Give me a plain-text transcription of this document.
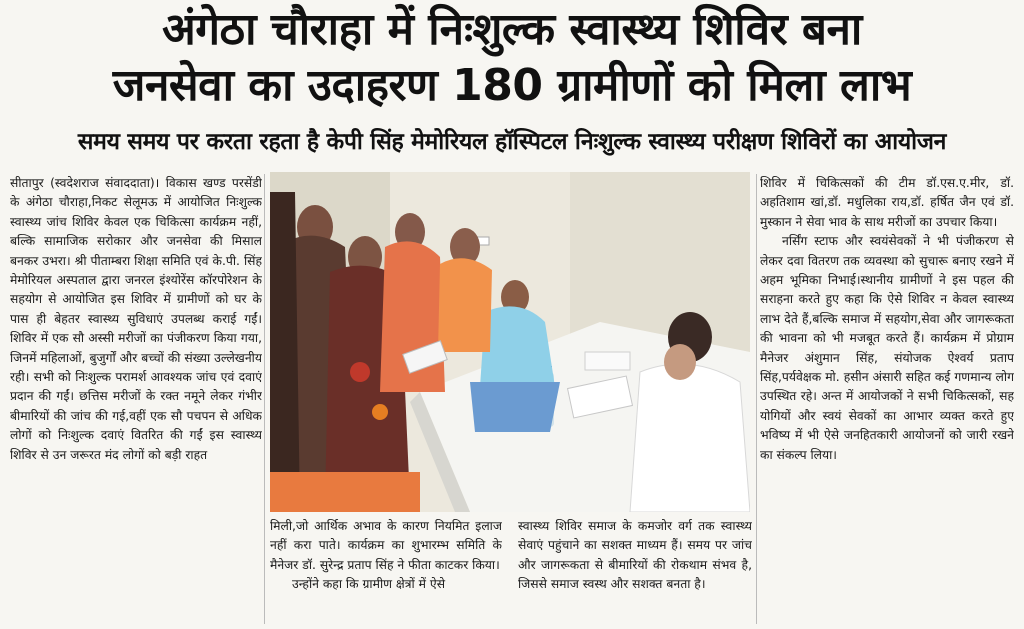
अंगेठा चौराहा में निःशुल्क स्वास्थ्य शिविर बना
जनसेवा का उदाहरण 180 ग्रामीणों को मिला लाभ
समय समय पर करता रहता है केपी सिंह मेमोरियल हॉस्पिटल निःशुल्क स्वास्थ्य परीक्षण शिविरों का आयोजन

सीतापुर (स्वदेशराज संवाददाता)। विकास खण्ड परसेंडी के अंगेठा चौराहा,निकट सेलूमऊ में आयोजित निःशुल्क स्वास्थ्य जांच शिविर केवल एक चिकित्सा कार्यक्रम नहीं, बल्कि सामाजिक सरोकार और जनसेवा की मिसाल बनकर उभरा। श्री पीताम्बरा शिक्षा समिति एवं के.पी. सिंह मेमोरियल अस्पताल द्वारा जनरल इंश्योरेंस कॉरपोरेशन के सहयोग से आयोजित इस शिविर में ग्रामीणों को घर के पास ही बेहतर स्वास्थ्य सुविधाएं उपलब्ध कराई गईं। शिविर में एक सौ अस्सी मरीजों का पंजीकरण किया गया, जिनमें महिलाओं, बुजुर्गों और बच्चों की संख्या उल्लेखनीय रही। सभी को निःशुल्क परामर्श आवश्यक जांच एवं दवाएं प्रदान की गईं। छत्तिस मरीजों के रक्त नमूने लेकर गंभीर बीमारियों की जांच की गई,वहीं एक सौ पचपन से अधिक लोगों को निःशुल्क दवाएं वितरित की गईं इस स्वास्थ्य शिविर से उन जरूरत मंद लोगों को बड़ी राहत

मिली,जो आर्थिक अभाव के कारण नियमित इलाज नहीं करा पाते। कार्यक्रम का शुभारम्भ समिति के मैनेजर डॉ. सुरेन्द्र प्रताप सिंह ने फीता काटकर किया।

उन्होंने कहा कि ग्रामीण क्षेत्रों में ऐसे

स्वास्थ्य शिविर समाज के कमजोर वर्ग तक स्वास्थ्य सेवाएं पहुंचाने का सशक्त माध्यम हैं। समय पर जांच और जागरूकता से बीमारियों की रोकथाम संभव है, जिससे समाज स्वस्थ और सशक्त बनता है।

शिविर में चिकित्सकों की टीम डॉ.एस.ए.मीर, डॉ. अहतिशाम खां,डॉ. मधुलिका राय,डॉ. हर्षित जैन एवं डॉ. मुस्कान ने सेवा भाव के साथ मरीजों का उपचार किया।

नर्सिंग स्टाफ और स्वयंसेवकों ने भी पंजीकरण से लेकर दवा वितरण तक व्यवस्था को सुचारू बनाए रखने में अहम भूमिका निभाई।स्थानीय ग्रामीणों ने इस पहल की सराहना करते हुए कहा कि ऐसे शिविर न केवल स्वास्थ्य लाभ देते हैं,बल्कि समाज में सहयोग,सेवा और जागरूकता की भावना को भी मजबूत करते हैं। कार्यक्रम में प्रोग्राम मैनेजर अंशुमान सिंह, संयोजक ऐश्वर्य प्रताप सिंह,पर्यवेक्षक मो. हसीन अंसारी सहित कई गणमान्य लोग उपस्थित रहे। अन्त में आयोजकों ने सभी चिकित्सकों, सह योगियों और स्वयं सेवकों का आभार व्यक्त करते हुए भविष्य में भी ऐसे जनहितकारी आयोजनों को जारी रखने का संकल्प लिया।
